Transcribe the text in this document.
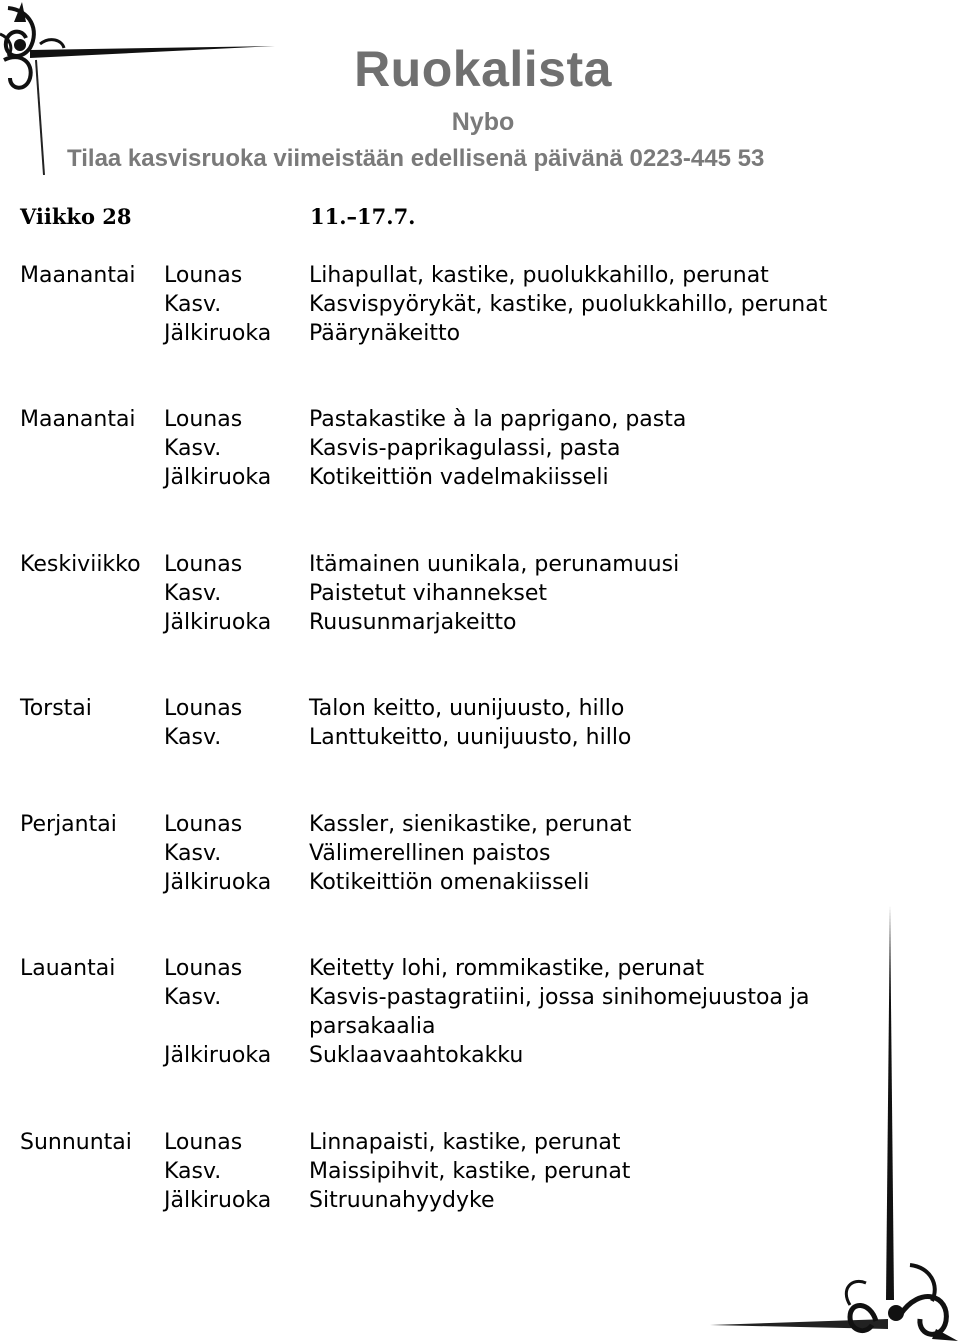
Ruokalista
Nybo
Tilaa kasvisruoka viimeistään edellisenä päivänä 0223-445 53
Viikko 28	11.–17.7.
Maanantai Lounas	Lihapullat, kastike, puolukkahillo, perunat
Kasv.	Kasvispyörykät, kastike, puolukkahillo, perunat
Jälkiruoka Päärynäkeitto
Maanantai Lounas	Pastakastike à la paprigano, pasta
Kasv.	Kasvis-paprikagulassi, pasta
Jälkiruoka Kotikeittiön vadelmakiisseli
Keskiviikko Lounas	Itämainen uunikala, perunamuusi
Kasv.	Paistetut vihannekset
Jälkiruoka Ruusunmarjakeitto
Torstai	Lounas	Talon keitto, uunijuusto, hillo
Kasv.	Lanttukeitto, uunijuusto, hillo
Perjantai Lounas	Kassler, sienikastike, perunat
Kasv.	Välimerellinen paistos
Jälkiruoka Kotikeittiön omenakiisseli
Lauantai Lounas	Keitetty lohi, rommikastike, perunat
Kasv.	Kasvis-pastagratiini, jossa sinihomejuustoa ja parsakaalia
Jälkiruoka Suklaavaahtokakku
Sunnuntai Lounas	Linnapaisti, kastike, perunat
Kasv.	Maissipihvit, kastike, perunat
Jälkiruoka Sitruunahyydyke
